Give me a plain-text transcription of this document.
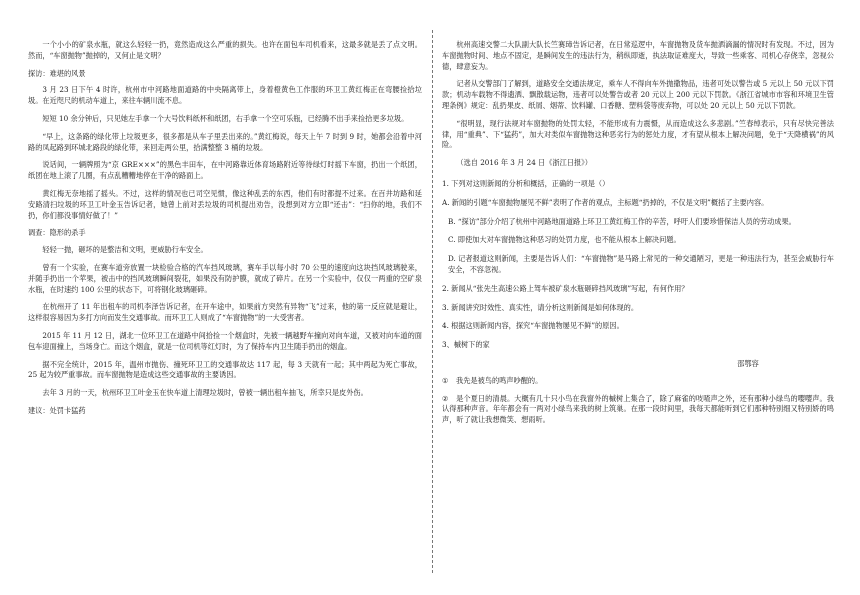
一个小小的矿泉水瓶，就这么轻轻一扔，竟然造成这么严重的损失。也许在面包车司机看来，这最多就是丢了点文明。然而，“车窗抛物”抛掉的，又何止是文明？

探访：难堪的风景

3 月 23 日下午 4 时许，杭州市中河路地面道路的中央隔离带上，身着橙黄色工作服的环卫工黄红梅正在弯腰捡拾垃圾。在近咫尺的机动车道上，来往车辆川流不息。

短短 10 余分钟后，只见她左手拿一个大号饮料纸杯和纸团，右手拿一个空可乐瓶，已经腾不出手来捡拾更多垃圾。

“早上，这条路的绿化带上垃圾更多，很多都是从车子里丢出来的。”黄红梅说，每天上午 7 时到 9 时，她都会沿着中河路的凤起路到环城北路段的绿化带，来回走两公里，拾满整整 3 桶的垃圾。

说话间，一辆牌照为“京 GRE×××”的黑色丰田车，在中河路靠近体育场路附近等待绿灯时摇下车窗，扔出一个纸团，纸团在地上滚了几圈，有点乱糟糟地停在干净的路面上。

黄红梅无奈地摇了摇头。不过，这样的情况也已司空见惯，像这种乱丢的东西，他们有时都提不过来。在百井坊路和延安路清扫垃圾的环卫工叶金玉告诉记者，她曾上前对丢垃圾的司机提出劝告，没想到对方立即“还击”：“扫你的地，我们不扔，你们都没事情好做了！”

调查：隐形的杀手

轻轻一抛，砸坏的是整洁和文明，更威胁行车安全。

曾有一个实验，在赛车道旁放置一块检验合格的汽车挡风玻璃，赛车手以每小时 70 公里的速度向这块挡风玻璃驶来，并随手扔出一个苹果，被击中的挡风玻璃瞬间裂花，如果没有防护膜，就成了碎片。在另一个实验中，仅仅一两重的空矿泉水瓶，在时速约 100 公里的状态下，可将钢化玻璃砸碎。

在杭州开了 11 年出租车的司机李泽告诉记者，在开车途中，如果前方突然有异物“飞”过来，他的第一反应就是避让，这样很容易因为多打方向而发生交通事故。而环卫工人则成了“车窗抛物”的一大受害者。

2015 年 11 月 12 日，湖北一位环卫工在道路中间拾捡一个烟盒时，先被一辆越野车撞向对向车道，又被对向车道的面包车迎面撞上，当场身亡。而这个烟盒，就是一位司机等红灯时，为了保持车内卫生随手扔出的烟盒。

据不完全统计，2015 年，温州市抛伤、撞死环卫工的交通事故达 117 起，每 3 天就有一起；其中两起为死亡事故，25 起为较严重事故。而车窗抛物是造成这些交通事故的主要诱因。

去年 3 月的一天，杭州环卫工叶金玉在快车道上清理垃圾时，曾被一辆出租车抽飞，所幸只是皮外伤。

建议：处罚卡猛药

杭州高速交警二大队副大队长竺赛璋告诉记者，在日常巡逻中，车窗抛物及货车抛洒滴漏的情况时有发现。不过，因为车窗抛物时间、地点不固定，是瞬间发生的违法行为，稍纵即逝，执法取证难度大，导致一些乘客、司机心存侥幸，忽视公德，肆意妄为。

记者从交警部门了解到，道路安全交通法规定，乘车人不得向车外抛撒物品，违者可处以警告或 5 元以上 50 元以下罚款；机动车载物不得遗洒、飘散载运物，违者可以处警告或者 20 元以上 200 元以下罚款。《浙江省城市市容和环境卫生管理条例》规定：乱扔果皮、纸屑、烟蒂、饮料罐、口香糖、塑料袋等废弃物，可以处 20 元以上 50 元以下罚款。

“很明显，现行法规对车窗抛物的处罚太轻，不能形成有力震慑，从而造成这么多悲剧。”竺春绰表示，只有尽快完善法律，用“重典”、下“猛药”，加大对类似车窗抛物这种恶劣行为的惩处力度，才有望从根本上解决问题，免于“天降横祸”的风险。

（选自 2016 年 3 月 24 日《浙江日报》）

1. 下列对这则新闻的分析和概括，正确的一项是（）

A. 新闻的引题“车窗抛物屡见不鲜”表明了作者的观点，主标题“扔掉的，不仅是文明”概括了主要内容。

B. “探访”部分介绍了杭州中河路地面道路上环卫工黄红梅工作的辛苦，呼吁人们要珍惜保洁人员的劳动成果。

C. 即使加大对车窗抛物这种恶习的处罚力度，也不能从根本上解决问题。

D. 记者报道这则新闻，主要是告诉人们：“车窗抛物”是马路上常见的一种交通陋习，更是一种违法行为，甚至会威胁行车安全，不容忽视。

2. 新闻从“张先生高速公路上驾车被矿泉水瓶砸碎挡风玻璃”写起，有何作用？

3. 新闻讲究时效性、真实性，请分析这则新闻是如何体现的。

4. 根据这则新闻内容，探究“车窗抛物屡见不鲜”的原因。

3、槭树下的家

邵鄂容

① 我先是被鸟的鸣声吵醒的。

② 是个夏日的清晨。大概有几十只小鸟在我窗外的槭树上集合了，除了麻雀的吱喳声之外，还有那种小绿鸟的嘤嘤声。我认得那种声音。年年都会有一两对小绿鸟来我的树上筑巢。在那一段时间里，我每天都能听到它们那种特别细又特别娇的鸣声，听了就让我想微笑、想雨听。
